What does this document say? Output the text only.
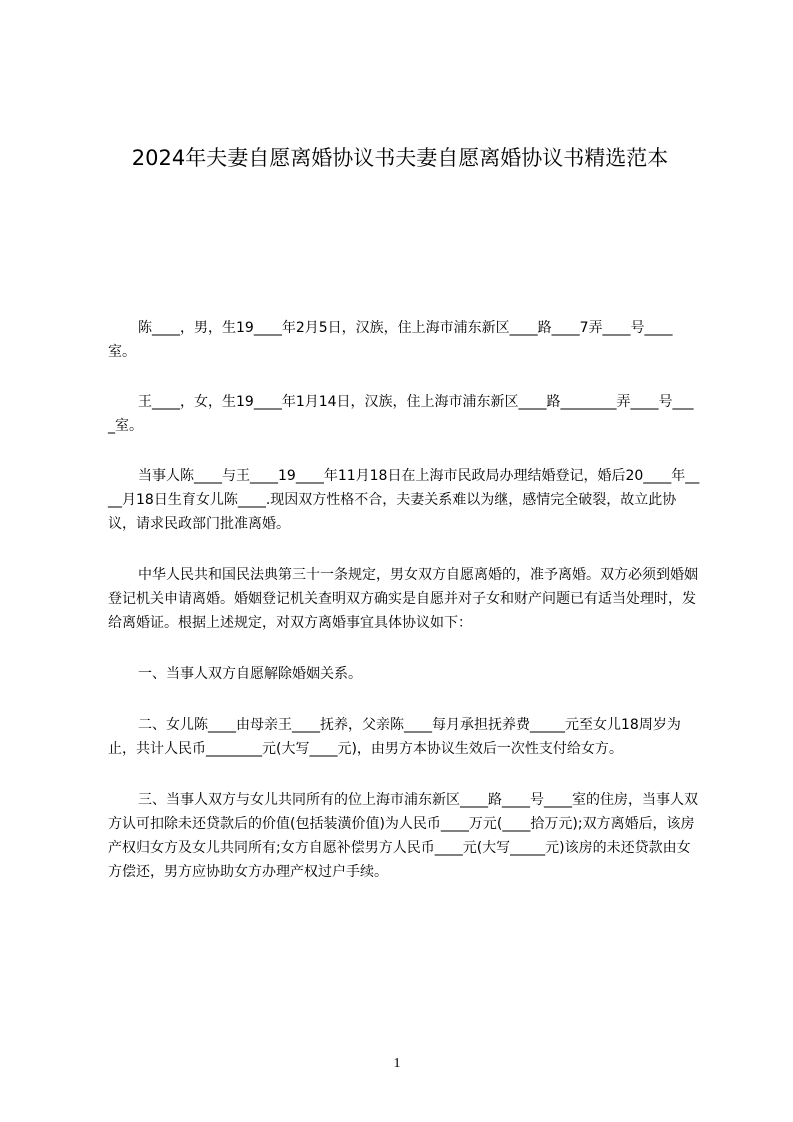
2024年夫妻自愿离婚协议书夫妻自愿离婚协议书精选范本

陈____，男，生19____年2月5日，汉族，住上海市浦东新区____路____7弄____号____室。

王____，女，生19____年1月14日，汉族，住上海市浦东新区____路________弄____号____室。

当事人陈____与王____19____年11月18日在上海市民政局办理结婚登记，婚后20____年____月18日生育女儿陈____.现因双方性格不合，夫妻关系难以为继，感情完全破裂，故立此协议，请求民政部门批准离婚。

中华人民共和国民法典第三十一条规定，男女双方自愿离婚的，准予离婚。双方必须到婚姻登记机关申请离婚。婚姻登记机关查明双方确实是自愿并对子女和财产问题已有适当处理时，发给离婚证。根据上述规定，对双方离婚事宜具体协议如下：

一、当事人双方自愿解除婚姻关系。

二、女儿陈____由母亲王____抚养，父亲陈____每月承担抚养费_____元至女儿18周岁为止，共计人民币________元(大写____元)，由男方本协议生效后一次性支付给女方。

三、当事人双方与女儿共同所有的位上海市浦东新区____路____号____室的住房，当事人双方认可扣除未还贷款后的价值(包括装潢价值)为人民币____万元(____拾万元);双方离婚后，该房产权归女方及女儿共同所有;女方自愿补偿男方人民币____元(大写_____元)该房的未还贷款由女方偿还，男方应协助女方办理产权过户手续。

1
